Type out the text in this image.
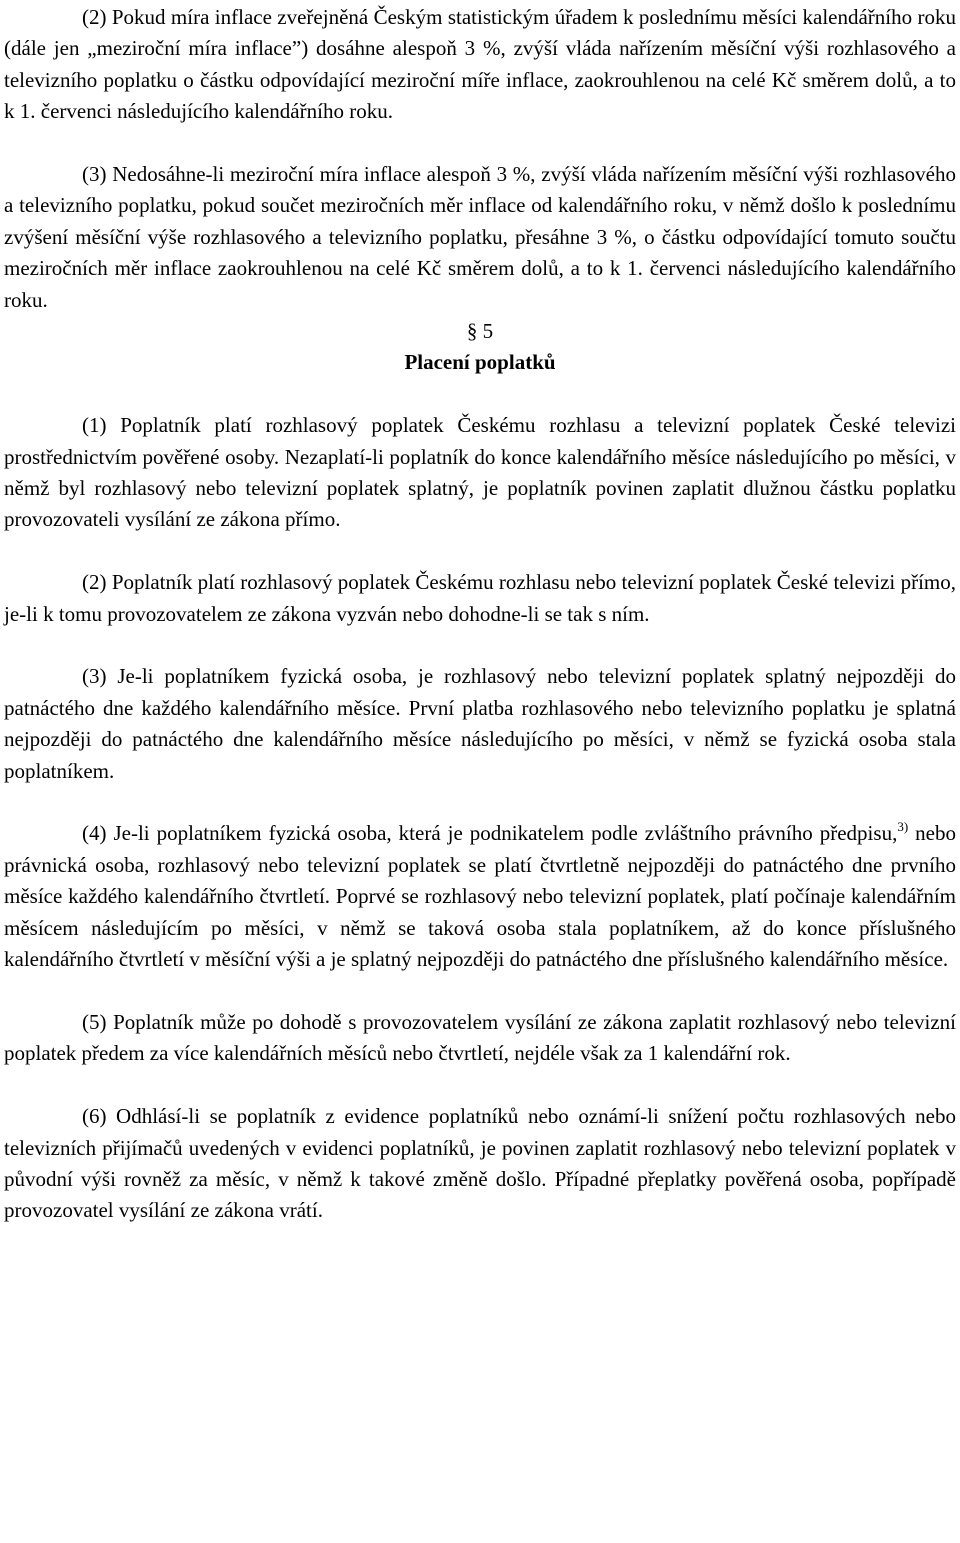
(2) Pokud míra inflace zveřejněná Českým statistickým úřadem k poslednímu měsíci kalendářního roku (dále jen „meziroční míra inflace”) dosáhne alespoň 3 %, zvýší vláda nařízením měsíční výši rozhlasového a televizního poplatku o částku odpovídající meziroční míře inflace, zaokrouhlenou na celé Kč směrem dolů, a to k 1. červenci následujícího kalendářního roku.

(3) Nedosáhne-li meziroční míra inflace alespoň 3 %, zvýší vláda nařízením měsíční výši rozhlasového a televizního poplatku, pokud součet meziročních měr inflace od kalendářního roku, v němž došlo k poslednímu zvýšení měsíční výše rozhlasového a televizního poplatku, přesáhne 3 %, o částku odpovídající tomuto součtu meziročních měr inflace zaokrouhlenou na celé Kč směrem dolů, a to k 1. červenci následujícího kalendářního roku.

§ 5
Placení poplatků

(1) Poplatník platí rozhlasový poplatek Českému rozhlasu a televizní poplatek České televizi prostřednictvím pověřené osoby. Nezaplatí-li poplatník do konce kalendářního měsíce následujícího po měsíci, v němž byl rozhlasový nebo televizní poplatek splatný, je poplatník povinen zaplatit dlužnou částku poplatku provozovateli vysílání ze zákona přímo.

(2) Poplatník platí rozhlasový poplatek Českému rozhlasu nebo televizní poplatek České televizi přímo, je-li k tomu provozovatelem ze zákona vyzván nebo dohodne-li se tak s ním.

(3) Je-li poplatníkem fyzická osoba, je rozhlasový nebo televizní poplatek splatný nejpozději do patnáctého dne každého kalendářního měsíce. První platba rozhlasového nebo televizního poplatku je splatná nejpozději do patnáctého dne kalendářního měsíce následujícího po měsíci, v němž se fyzická osoba stala poplatníkem.

(4) Je-li poplatníkem fyzická osoba, která je podnikatelem podle zvláštního právního předpisu,$^{3)}$ nebo právnická osoba, rozhlasový nebo televizní poplatek se platí čtvrtletně nejpozději do patnáctého dne prvního měsíce každého kalendářního čtvrtletí. Poprvé se rozhlasový nebo televizní poplatek, platí počínaje kalendářním měsícem následujícím po měsíci, v němž se taková osoba stala poplatníkem, až do konce příslušného kalendářního čtvrtletí v měsíční výši a je splatný nejpozději do patnáctého dne příslušného kalendářního měsíce.

(5) Poplatník může po dohodě s provozovatelem vysílání ze zákona zaplatit rozhlasový nebo televizní poplatek předem za více kalendářních měsíců nebo čtvrtletí, nejdéle však za 1 kalendářní rok.

(6) Odhlásí-li se poplatník z evidence poplatníků nebo oznámí-li snížení počtu rozhlasových nebo televizních přijímačů uvedených v evidenci poplatníků, je povinen zaplatit rozhlasový nebo televizní poplatek v původní výši rovněž za měsíc, v němž k takové změně došlo. Případné přeplatky pověřená osoba, popřípadě provozovatel vysílání ze zákona vrátí.
